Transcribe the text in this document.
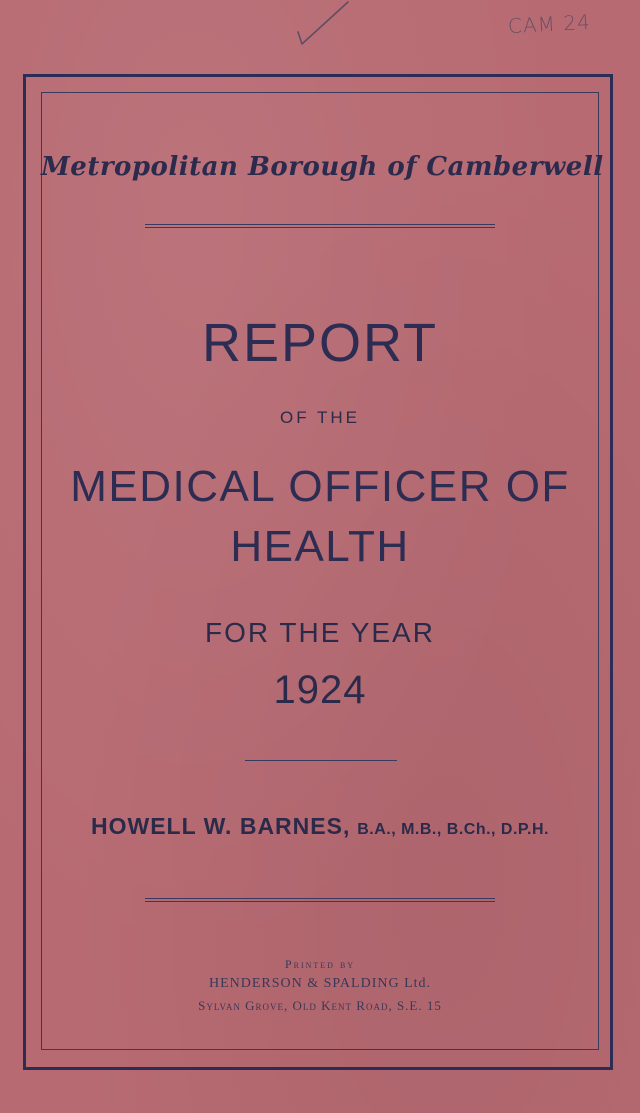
CAM 24
Metropolitan Borough of Camberwell
REPORT
OF THE
MEDICAL OFFICER OF
HEALTH
FOR THE YEAR
1924
HOWELL W. BARNES, B.A., M.B., B.Ch., D.P.H.
Printed by
HENDERSON & SPALDING Ltd.
Sylvan Grove, Old Kent Road, S.E. 15
